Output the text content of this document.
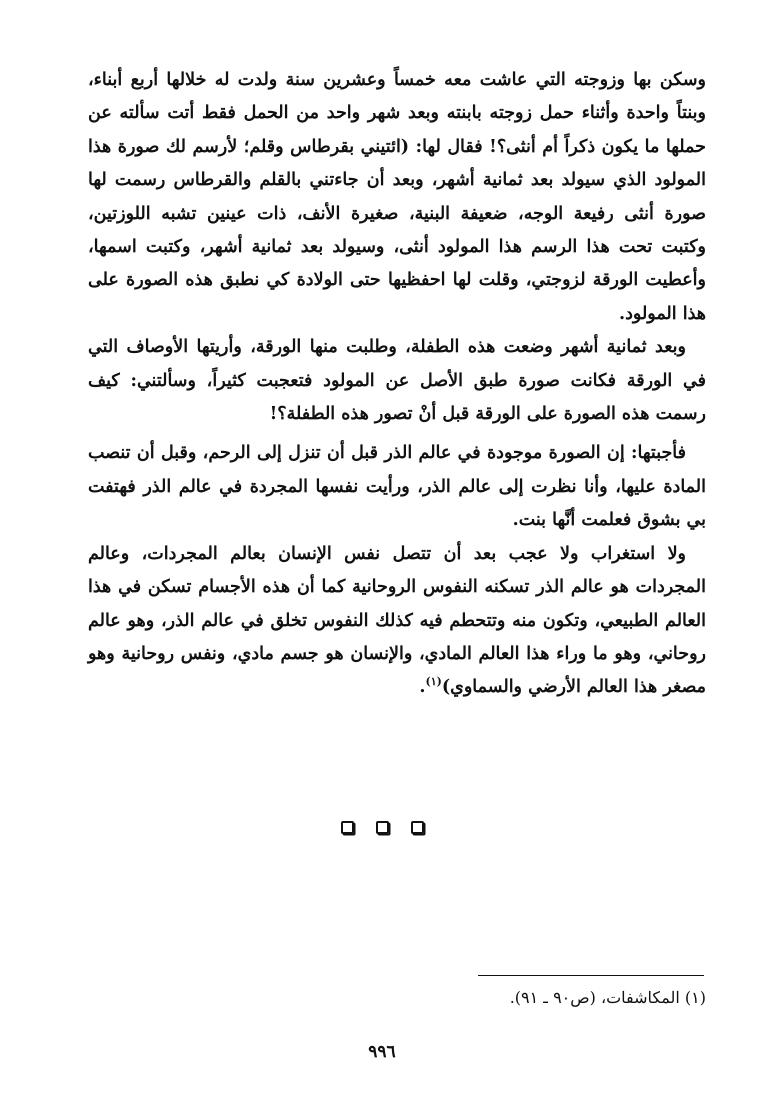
وسكن بها وزوجته التي عاشت معه خمساً وعشرين سنة ولدت له خلالها أربع أبناء، وبنتاً واحدة وأثناء حمل زوجته بابنته وبعد شهر واحد من الحمل فقط أتت سألته عن حملها ما يكون ذكراً أم أنثى؟! فقال لها: (ائتيني بقرطاس وقلم؛ لأرسم لك صورة هذا المولود الذي سيولد بعد ثمانية أشهر، وبعد أن جاءتني بالقلم والقرطاس رسمت لها صورة أنثى رفيعة الوجه، ضعيفة البنية، صغيرة الأنف، ذات عينين تشبه اللوزتين، وكتبت تحت هذا الرسم هذا المولود أنثى، وسيولد بعد ثمانية أشهر، وكتبت اسمها، وأعطيت الورقة لزوجتي، وقلت لها احفظيها حتى الولادة كي نطبق هذه الصورة على هذا المولود.

وبعد ثمانية أشهر وضعت هذه الطفلة، وطلبت منها الورقة، وأريتها الأوصاف التي في الورقة فكانت صورة طبق الأصل عن المولود فتعجبت كثيراً، وسألتني: كيف رسمت هذه الصورة على الورقة قبل أنْ تصور هذه الطفلة؟!

فأجبتها: إن الصورة موجودة في عالم الذر قبل أن تنزل إلى الرحم، وقبل أن تنصب المادة عليها، وأنا نظرت إلى عالم الذر، ورأيت نفسها المجردة في عالم الذر فهتفت بي بشوق فعلمت أنَّها بنت.

ولا استغراب ولا عجب بعد أن تتصل نفس الإنسان بعالم المجردات، وعالم المجردات هو عالم الذر تسكنه النفوس الروحانية كما أن هذه الأجسام تسكن في هذا العالم الطبيعي، وتكون منه وتتحطم فيه كذلك النفوس تخلق في عالم الذر، وهو عالم روحاني، وهو ما وراء هذا العالم المادي، والإنسان هو جسم مادي، ونفس روحانية وهو مصغر هذا العالم الأرضي والسماوي)$^{(١)}$.

(١) المكاشفات، (ص٩٠ ـ ٩١).
٩٩٦
